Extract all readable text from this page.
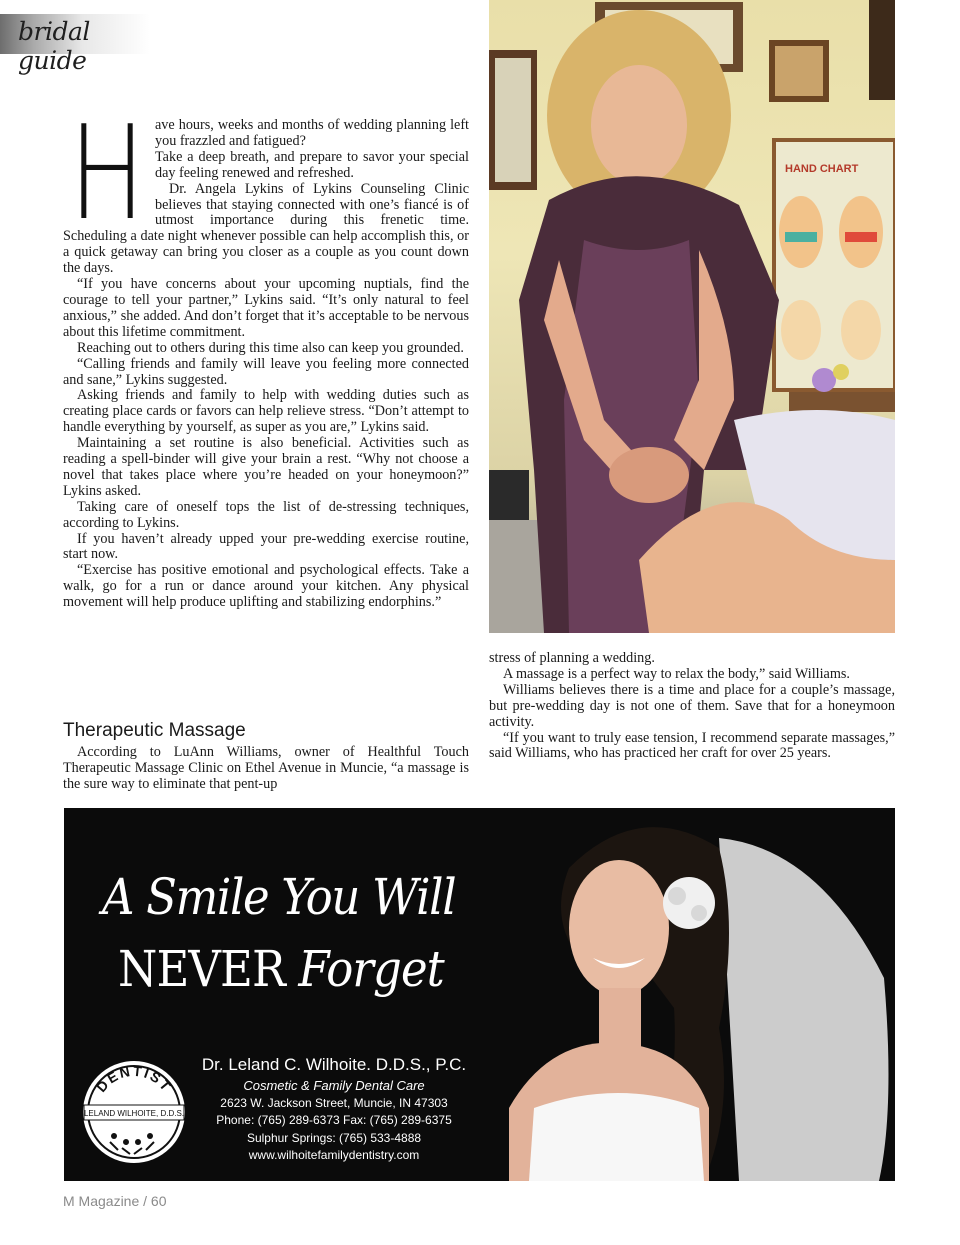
bridal guide
H ave hours, weeks and months of wedding planning left you frazzled and fatigued?

Take a deep breath, and prepare to savor your special day feeling renewed and refreshed.

Dr. Angela Lykins of Lykins Counseling Clinic believes that staying connected with one’s fiancé is of utmost importance during this frenetic time. Scheduling a date night whenever possible can help accomplish this, or a quick getaway can bring you closer as a couple as you count down the days.

“If you have concerns about your upcoming nuptials, find the courage to tell your partner,” Lykins said. “It’s only natural to feel anxious,” she added. And don’t forget that it’s acceptable to be nervous about this lifetime commitment.

Reaching out to others during this time also can keep you grounded.

“Calling friends and family will leave you feeling more connected and sane,” Lykins suggested.

Asking friends and family to help with wedding duties such as creating place cards or favors can help relieve stress. “Don’t attempt to handle everything by yourself, as super as you are,” Lykins said.

Maintaining a set routine is also beneficial. Activities such as reading a spell-binder will give your brain a rest. “Why not choose a novel that takes place where you’re headed on your honeymoon?” Lykins asked.

Taking care of oneself tops the list of de-stressing techniques, according to Lykins.

If you haven’t already upped your pre-wedding exercise routine, start now.

“Exercise has positive emotional and psychological effects. Take a walk, go for a run or dance around your kitchen. Any physical movement will help produce uplifting and stabilizing endorphins.”

Therapeutic Massage

According to LuAnn Williams, owner of Healthful Touch Therapeutic Massage Clinic on Ethel Avenue in Muncie, “a massage is the sure way to eliminate that pent-up

stress of planning a wedding.

A massage is a perfect way to relax the body,” said Williams.

Williams believes there is a time and place for a couple’s massage, but pre-wedding day is not one of them. Save that for a honeymoon activity.

“If you want to truly ease tension, I recommend separate massages,” said Williams, who has practiced her craft for over 25 years.

HAND CHART
A Smile You Will
NEVER Forget
DENTIST
LELAND WILHOITE, D.D.S.
Dr. Leland C. Wilhoite. D.D.S., P.C.
Cosmetic & Family Dental Care
2623 W. Jackson Street, Muncie, IN 47303
Phone: (765) 289-6373 Fax: (765) 289-6375
Sulphur Springs: (765) 533-4888
www.wilhoitefamilydentistry.com
M Magazine / 60
